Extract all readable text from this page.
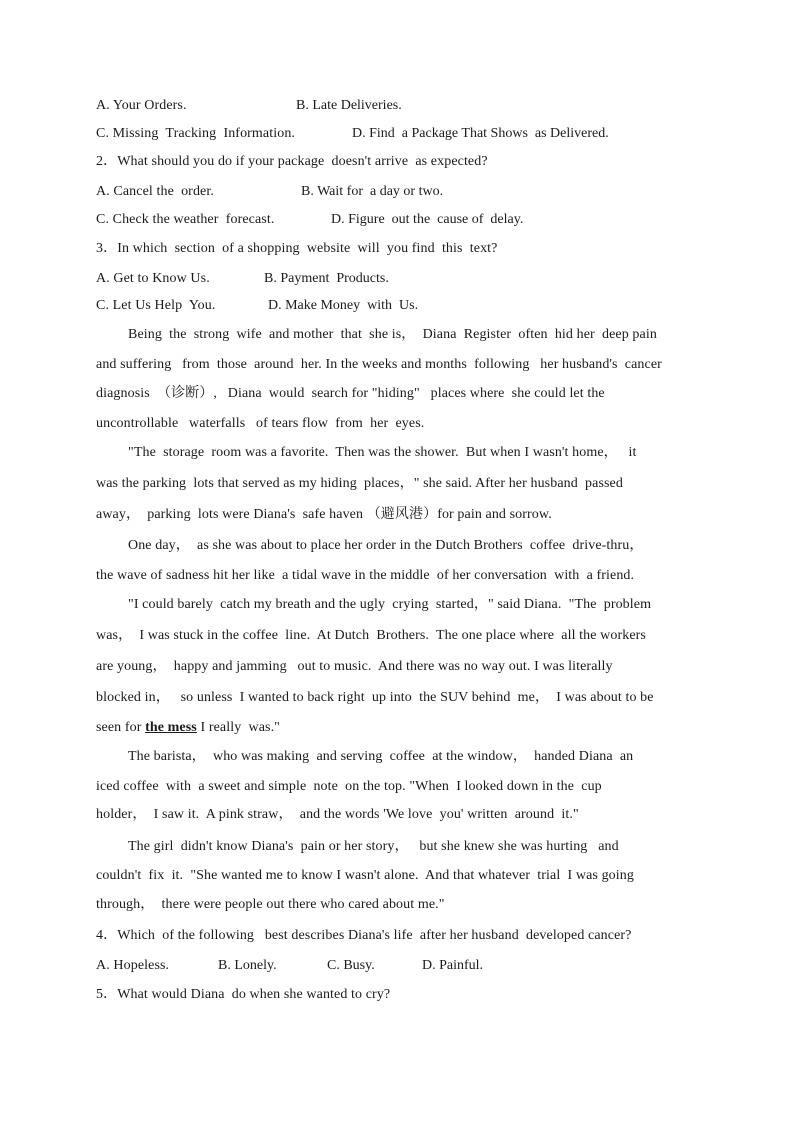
A. Your Orders.	B. Late Deliveries.
C. Missing  Tracking  Information.	D. Find  a Package That Shows  as Delivered.
2．What should you do if your package  doesn't arrive  as expected?
A. Cancel the  order.	B. Wait for  a day or two.
C. Check the weather  forecast.	D. Figure  out the  cause of  delay.
3．In which  section  of a shopping  website  will  you find  this  text?
A. Get to Know Us.	B. Payment  Products.
C. Let Us Help  You.	D. Make Money  with  Us.
Being  the  strong  wife  and mother  that  she is，  Diana  Register  often  hid her  deep pain
and suffering   from  those  around  her. In the weeks and months  following   her husband's  cancer
diagnosis  （诊断）,   Diana  would  search for "hiding"   places where  she could let the
uncontrollable   waterfalls   of tears flow  from  her  eyes.
"The  storage  room was a favorite.  Then was the shower.  But when I wasn't home，   it
was the parking  lots that served as my hiding  places，" she said. After her husband  passed
away，  parking  lots were Diana's  safe haven （避风港）for pain and sorrow.
One day，  as she was about to place her order in the Dutch Brothers  coffee  drive-thru，
the wave of sadness hit her like  a tidal wave in the middle  of her conversation  with  a friend.
"I could barely  catch my breath and the ugly  crying  started，" said Diana.  "The  problem
was，  I was stuck in the coffee  line.  At Dutch  Brothers.  The one place where  all the workers
are young，  happy and jamming   out to music.  And there was no way out. I was literally
blocked in，   so unless  I wanted to back right  up into  the SUV behind  me，  I was about to be
seen for the mess I really  was."
The barista，  who was making  and serving  coffee  at the window，  handed Diana  an
iced coffee  with  a sweet and simple  note  on the top. "When  I looked down in the  cup
holder，  I saw it.  A pink straw，  and the words 'We love  you' written  around  it."
The girl  didn't know Diana's  pain or her story，   but she knew she was hurting   and
couldn't  fix  it.  "She wanted me to know I wasn't alone.  And that whatever  trial  I was going
through，  there were people out there who cared about me."
4．Which  of the following   best describes Diana's life  after her husband  developed cancer?
A. Hopeless.	B. Lonely.	C. Busy.	D. Painful.
5．What would Diana  do when she wanted to cry?
